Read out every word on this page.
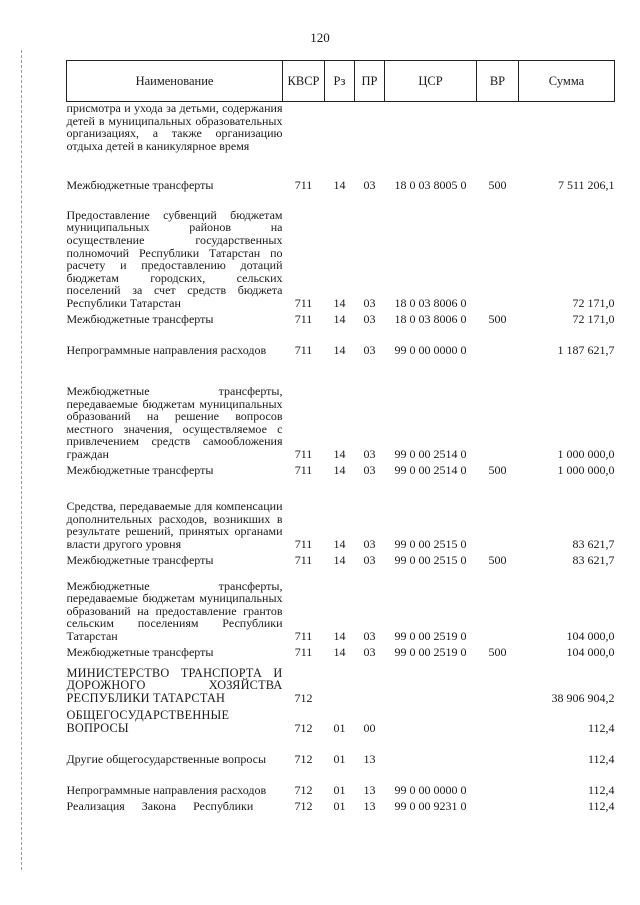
120
Наименование	КВСР	Рз	ПР	ЦСР	ВР	Сумма
присмотра и ухода за детьми, содержания детей в муниципальных образовательных организациях, а также организацию отдыха детей в каникулярное время						
Межбюджетные трансферты	711	14	03	18 0 03 8005 0	500	7 511 206,1
Предоставление субвенций бюджетам муниципальных районов на осуществление государственных полномочий Республики Татарстан по расчету и предоставлению дотаций бюджетам городских, сельских поселений за счет средств бюджета Республики Татарстан	711	14	03	18 0 03 8006 0		72 171,0
Межбюджетные трансферты	711	14	03	18 0 03 8006 0	500	72 171,0
Непрограммные направления расходов	711	14	03	99 0 00 0000 0		1 187 621,7
Межбюджетные трансферты, передаваемые бюджетам муниципальных образований на решение вопросов местного значения, осуществляемое с привлечением средств самообложения граждан	711	14	03	99 0 00 2514 0		1 000 000,0
Межбюджетные трансферты	711	14	03	99 0 00 2514 0	500	1 000 000,0
Средства, передаваемые для компенсации дополнительных расходов, возникших в результате решений, принятых органами власти другого уровня	711	14	03	99 0 00 2515 0		83 621,7
Межбюджетные трансферты	711	14	03	99 0 00 2515 0	500	83 621,7
Межбюджетные трансферты, передаваемые бюджетам муниципальных образований на предоставление грантов сельским поселениям Республики Татарстан	711	14	03	99 0 00 2519 0		104 000,0
Межбюджетные трансферты	711	14	03	99 0 00 2519 0	500	104 000,0
МИНИСТЕРСТВО ТРАНСПОРТА И ДОРОЖНОГО ХОЗЯЙСТВА РЕСПУБЛИКИ ТАТАРСТАН	712					38 906 904,2
ОБЩЕГОСУДАРСТВЕННЫЕ ВОПРОСЫ	712	01	00			112,4
Другие общегосударственные вопросы	712	01	13			112,4
Непрограммные направления расходов	712	01	13	99 0 00 0000 0		112,4
Реализация Закона Республики	712	01	13	99 0 00 9231 0		112,4
